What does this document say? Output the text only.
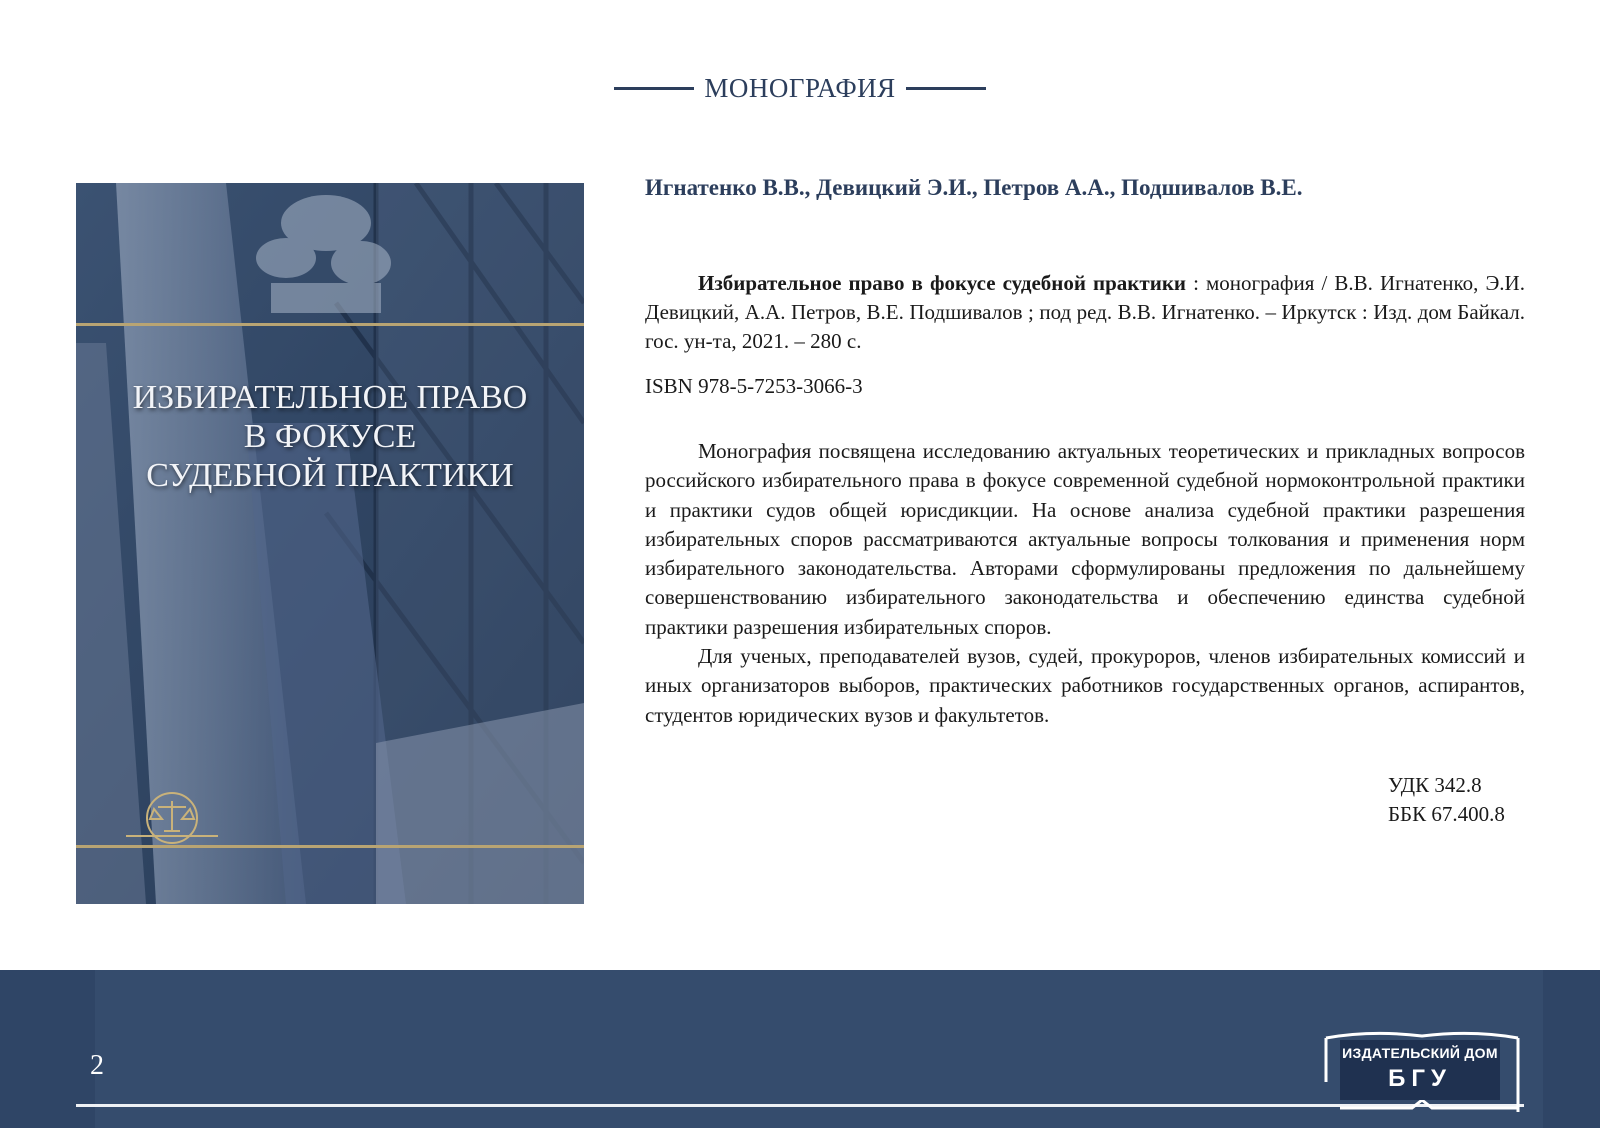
МОНОГРАФИЯ
ИЗБИРАТЕЛЬНОЕ ПРАВО
В ФОКУСЕ
СУДЕБНОЙ ПРАКТИКИ
Игнатенко В.В., Девицкий Э.И., Петров А.А., Подшивалов В.Е.

Избирательное право в фокусе судебной практики : монография / В.В. Игнатенко, Э.И. Девицкий, А.А. Петров, В.Е. Подшивалов ; под ред. В.В. Игнатенко. – Иркутск : Изд. дом Байкал. гос. ун-та, 2021. – 280 с.

ISBN 978-5-7253-3066-3

Монография посвящена исследованию актуальных теоретических и прикладных вопросов российского избирательного права в фокусе современной судебной нормоконтрольной практики и практики судов общей юрисдикции. На основе анализа судебной практики разрешения избирательных споров рассматриваются актуальные вопросы толкования и применения норм избирательного законодательства. Авторами сформулированы предложения по дальнейшему совершенствованию избирательного законодательства и обеспечению единства судебной практики разрешения избирательных споров.

Для ученых, преподавателей вузов, судей, прокуроров, членов избирательных комиссий и иных организаторов выборов, практических работников государственных органов, аспирантов, студентов юридических вузов и факультетов.

УДК 342.8
ББК 67.400.8
2	ИЗДАТЕЛЬСКИЙ ДОМ
БГУ
